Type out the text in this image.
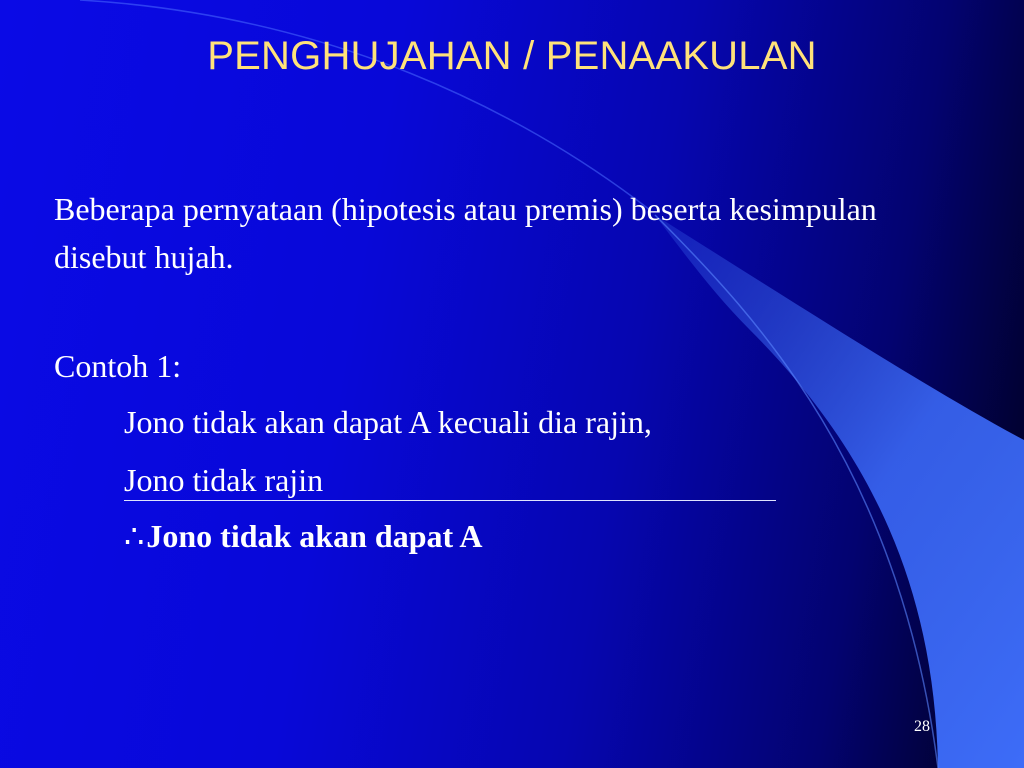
PENGHUJAHAN / PENAAKULAN
Beberapa pernyataan (hipotesis atau premis) beserta kesimpulan disebut hujah.
Contoh 1:
Jono tidak akan dapat A kecuali dia rajin,
Jono tidak rajin
∴Jono tidak akan dapat A
28
